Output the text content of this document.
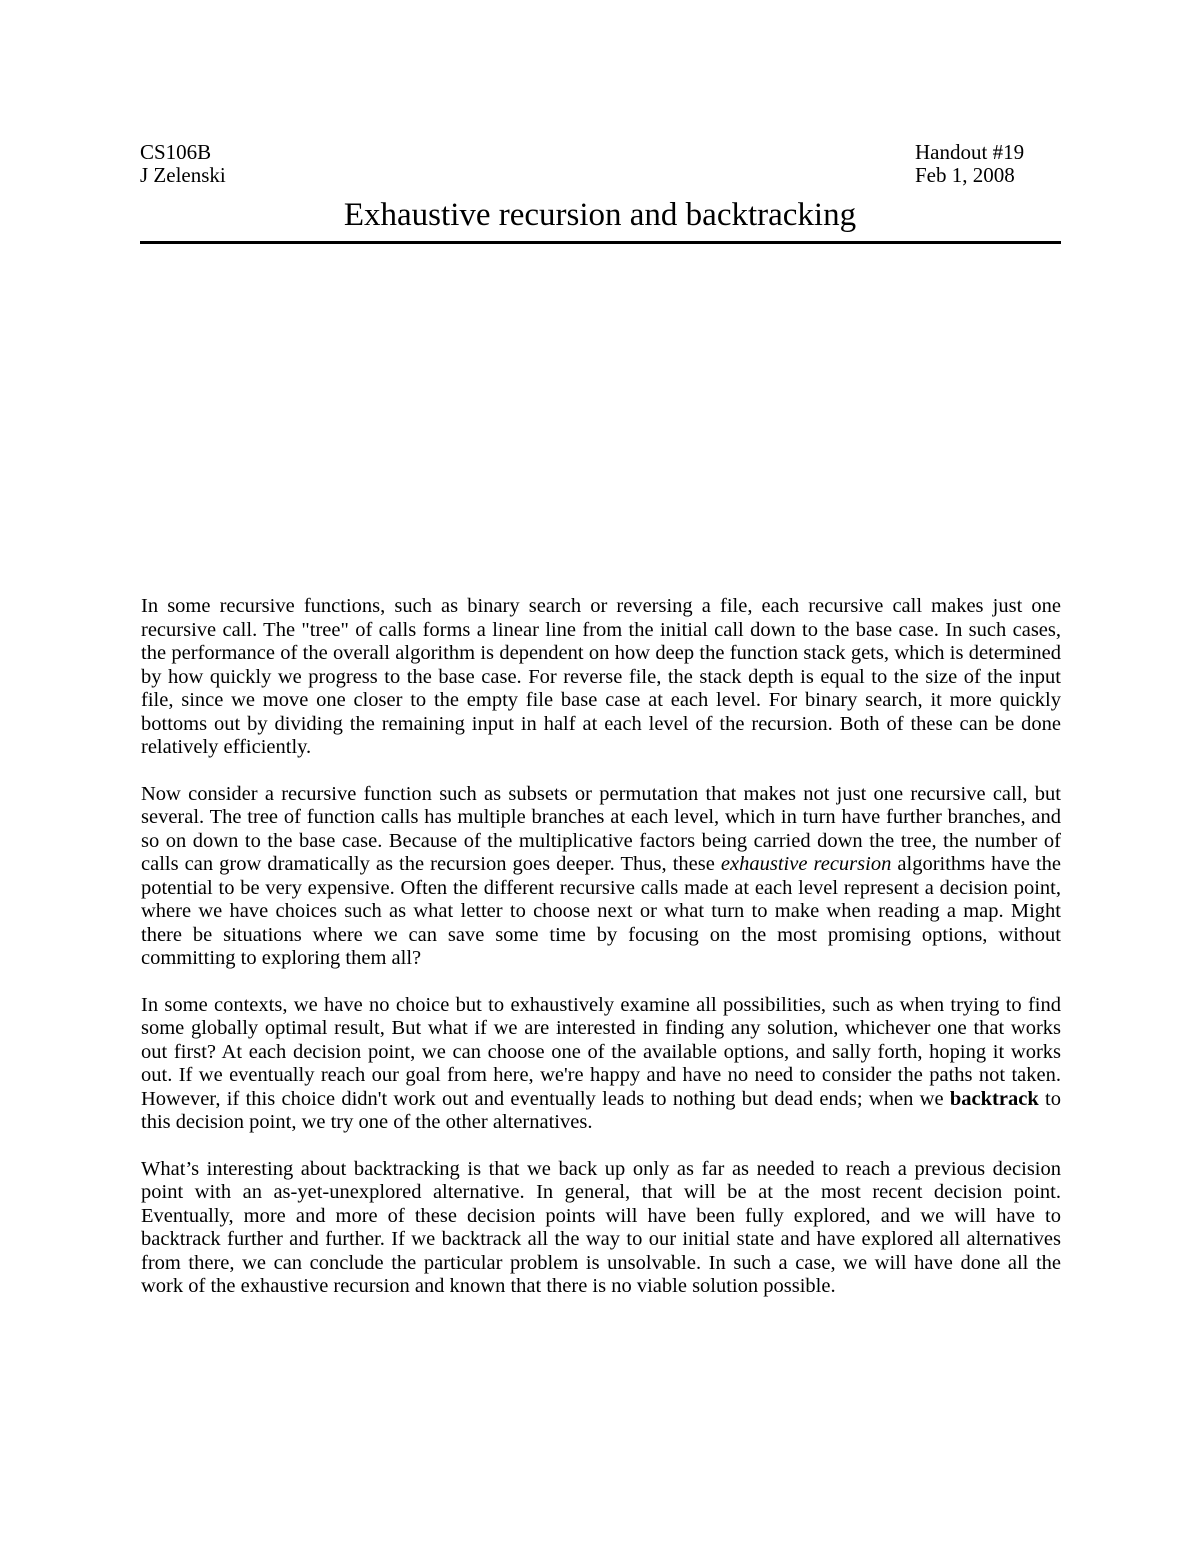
CS106B	Handout #19
J Zelenski	Feb 1, 2008
Exhaustive recursion and backtracking

In some recursive functions, such as binary search or reversing a file, each recursive call makes just one recursive call. The "tree" of calls forms a linear line from the initial call down to the base case. In such cases, the performance of the overall algorithm is dependent on how deep the function stack gets, which is determined by how quickly we progress to the base case. For reverse file, the stack depth is equal to the size of the input file, since we move one closer to the empty file base case at each level. For binary search, it more quickly bottoms out by dividing the remaining input in half at each level of the recursion. Both of these can be done relatively efficiently.

Now consider a recursive function such as subsets or permutation that makes not just one recursive call, but several. The tree of function calls has multiple branches at each level, which in turn have further branches, and so on down to the base case. Because of the multiplicative factors being carried down the tree, the number of calls can grow dramatically as the recursion goes deeper. Thus, these exhaustive recursion algorithms have the potential to be very expensive. Often the different recursive calls made at each level represent a decision point, where we have choices such as what letter to choose next or what turn to make when reading a map. Might there be situations where we can save some time by focusing on the most promising options, without committing to exploring them all?

In some contexts, we have no choice but to exhaustively examine all possibilities, such as when trying to find some globally optimal result, But what if we are interested in finding any solution, whichever one that works out first? At each decision point, we can choose one of the available options, and sally forth, hoping it works out. If we eventually reach our goal from here, we're happy and have no need to consider the paths not taken. However, if this choice didn't work out and eventually leads to nothing but dead ends; when we backtrack to this decision point, we try one of the other alternatives.

What’s interesting about backtracking is that we back up only as far as needed to reach a previous decision point with an as-yet-unexplored alternative. In general, that will be at the most recent decision point. Eventually, more and more of these decision points will have been fully explored, and we will have to backtrack further and further. If we backtrack all the way to our initial state and have explored all alternatives from there, we can conclude the particular problem is unsolvable. In such a case, we will have done all the work of the exhaustive recursion and known that there is no viable solution possible.
